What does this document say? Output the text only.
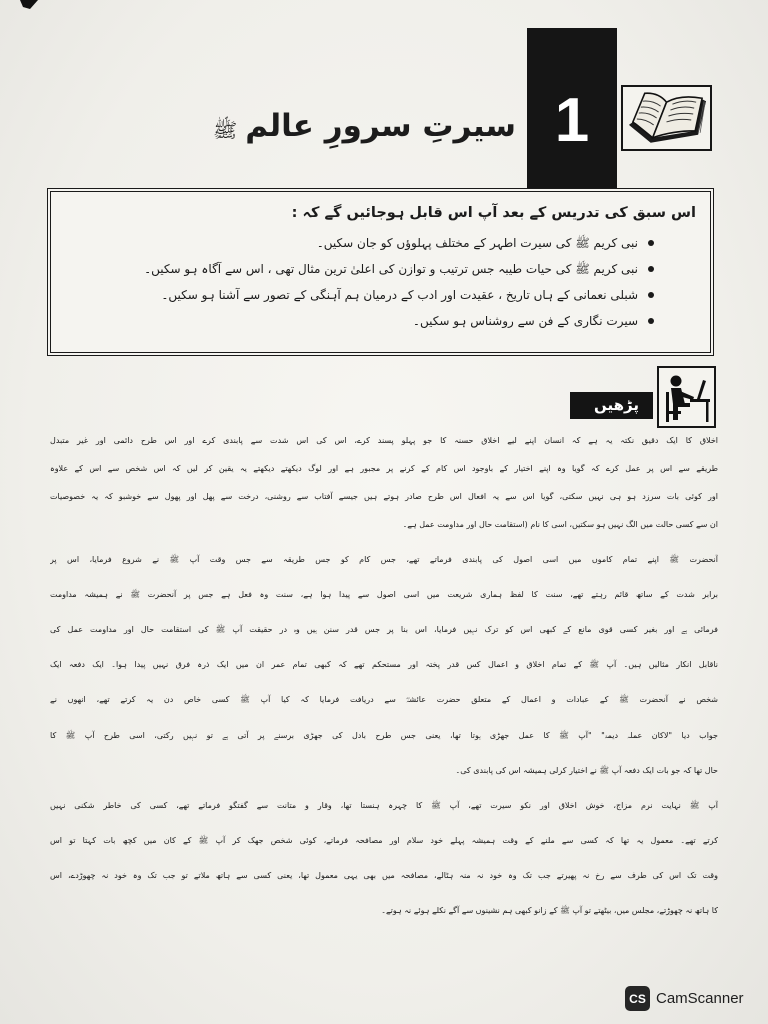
1
سیرتِ سرورِ عالم
ﷺ
اس سبق کی تدریس کے بعد آپ اس قابل ہوجائیں گے کہ :
نبی کریم ﷺ کی سیرت اطہر کے مختلف پہلوؤں کو جان سکیں۔
نبی کریم ﷺ کی حیات طیبہ جس ترتیب و توازن کی اعلیٰ ترین مثال تھی ، اس سے آگاہ ہو سکیں۔
شبلی نعمانی کے ہاں تاریخ ، عقیدت اور ادب کے درمیان ہم آہنگی کے تصور سے آشنا ہو سکیں۔
سیرت نگاری کے فن سے روشناس ہو سکیں۔
پڑھیں
اخلاق کا ایک دقیق نکتہ یہ ہے کہ انسان اپنے لیے اخلاق حسنہ کا جو پہلو پسند کرے، اس کی اس شدت سے پابندی کرے اور اس طرح دائمی اور غیر متبدل
طریقے سے اس پر عمل کرے کہ گویا وہ اپنے اختیار کے باوجود اس کام کے کرنے پر مجبور ہے اور لوگ دیکھتے دیکھتے یہ یقین کر لیں کہ اس شخص سے اس کے علاوہ
اور کوئی بات سرزد ہو ہی نہیں سکتی، گویا اس سے یہ افعال اس طرح صادر ہوتے ہیں جیسے آفتاب سے روشنی، درخت سے پھل اور پھول سے خوشبو کہ یہ خصوصیات
ان سے کسی حالت میں الگ نہیں ہو سکتیں، اسی کا نام (استقامت حال اور مداومت عمل ہے۔
آنحضرت ﷺ اپنے تمام کاموں میں اسی اصول کی پابندی فرماتے تھے، جس کام کو جس طریقہ سے جس وقت آپ ﷺ نے شروع فرمایا، اس پر
برابر شدت کے ساتھ قائم رہتے تھے، سنت کا لفظ ہماری شریعت میں اسی اصول سے پیدا ہوا ہے، سنت وہ فعل ہے جس پر آنحضرت ﷺ نے ہمیشہ مداومت
فرمائی ہے اور بغیر کسی قوی مانع کے کبھی اس کو ترک نہیں فرمایا، اس بنا پر جس قدر سنن ہیں وہ در حقیقت آپ ﷺ کی استقامت حال اور مداومت عمل کی
ناقابل انکار مثالیں ہیں۔ آپ ﷺ کے تمام اخلاق و اعمال کس قدر پختہ اور مستحکم تھے کہ کبھی تمام عمر ان میں ایک ذرہ فرق نہیں پیدا ہوا۔ ایک دفعہ ایک
شخص نے آنحضرت ﷺ کے عبادات و اعمال کے متعلق حضرت عائشہؓ سے دریافت فرمایا کہ کیا آپ ﷺ کسی خاص دن یہ کرتے تھے، انھوں نے
جواب دیا "لاکان عملہ دیمۃ" "آپ ﷺ کا عمل جھڑی ہوتا تھا، یعنی جس طرح بادل کی جھڑی برسنے پر آتی ہے تو نہیں رکتی، اسی طرح آپ ﷺ کا
حال تھا کہ جو بات ایک دفعہ آپ ﷺ نے اختیار کرلی ہمیشہ اس کی پابندی کی۔
آپ ﷺ نہایت نرم مزاج، خوش اخلاق اور نکو سیرت تھے، آپ ﷺ کا چہرہ ہنستا تھا، وقار و متانت سے گفتگو فرماتے تھے، کسی کی خاطر شکنی نہیں
کرتے تھے۔ معمول یہ تھا کہ کسی سے ملنے کے وقت ہمیشہ پہلے خود سلام اور مصافحہ فرماتے، کوئی شخص جھک کر آپ ﷺ کے کان میں کچھ بات کہتا تو اس
وقت تک اس کی طرف سے رخ نہ پھیرتے جب تک وہ خود نہ منہ ہٹالے، مصافحہ میں بھی یہی معمول تھا، یعنی کسی سے ہاتھ ملاتے تو جب تک وہ خود نہ چھوڑدے، اس
کا ہاتھ نہ چھوڑتے، مجلس میں، بیٹھتے تو آپ ﷺ کے زانو کبھی ہم نشینوں سے آگے نکلے ہوئے نہ ہوتے۔
CS CamScanner
